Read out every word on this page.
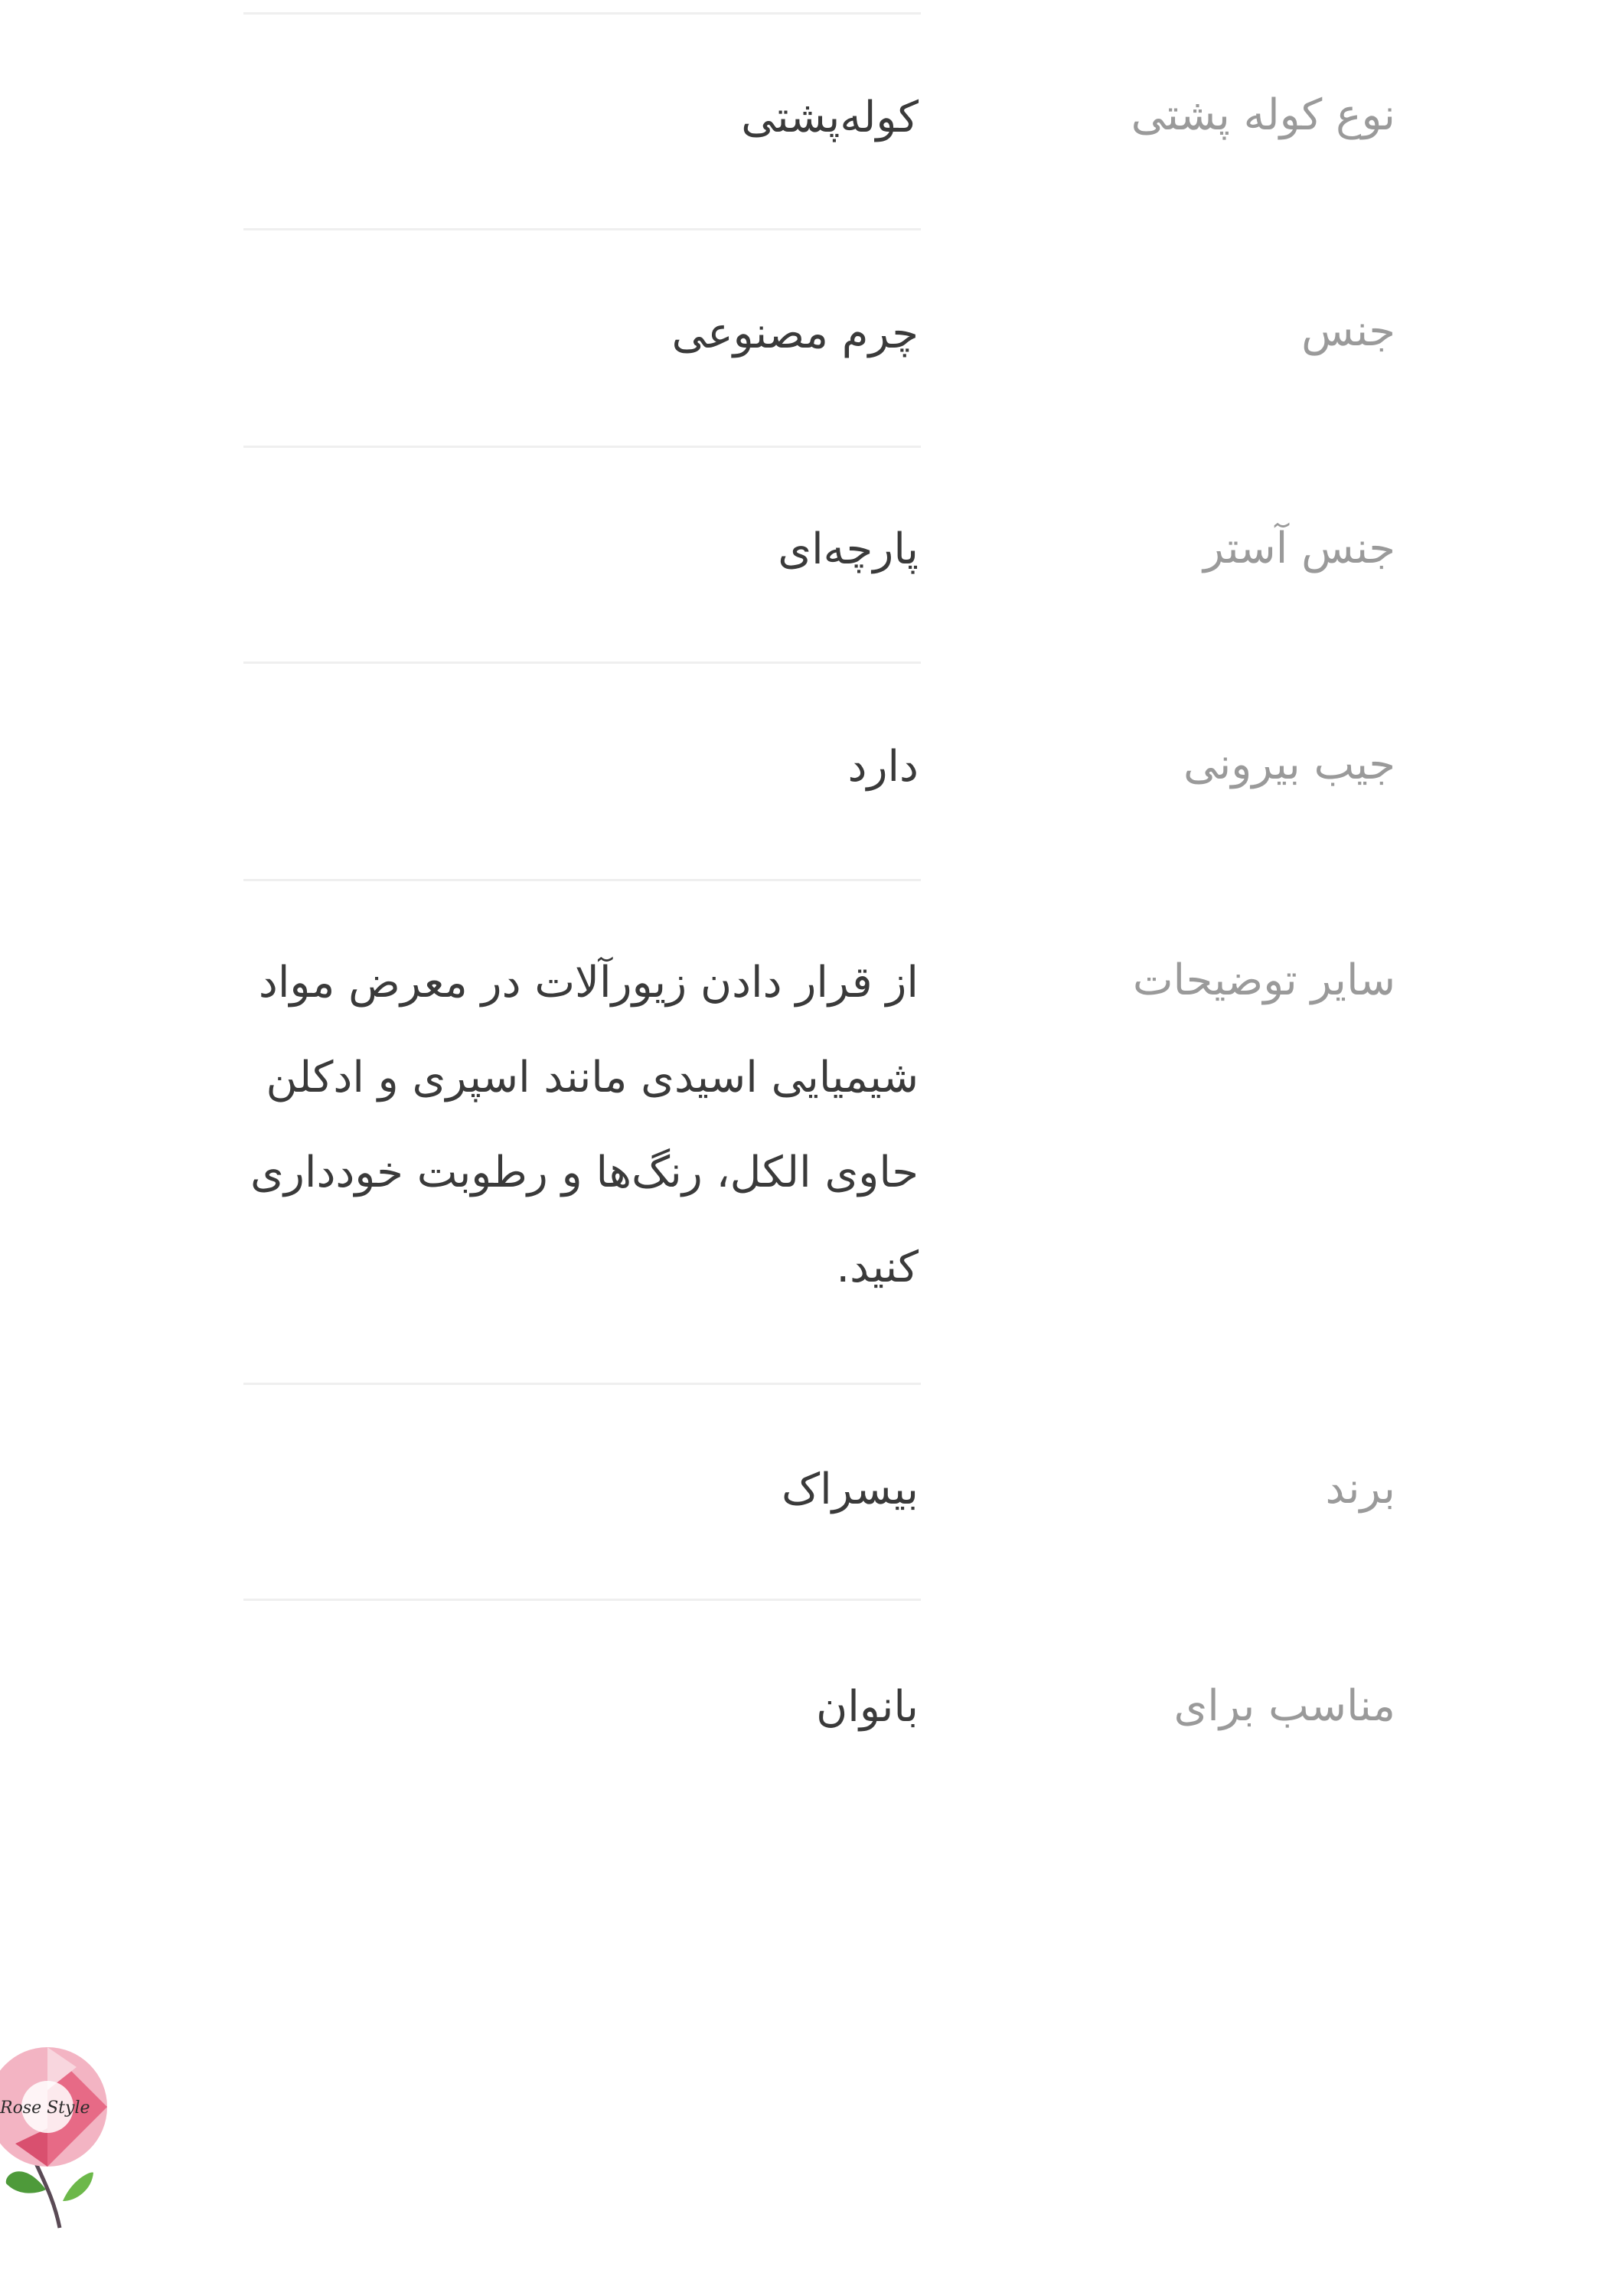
نوع کوله پشتی
کوله‌پشتی
جنس
چرم مصنوعی
جنس آستر
پارچه‌ای
جیب بیرونی
دارد
سایر توضیحات
از قرار دادن زیورآلات در معرض مواد شیمیایی اسیدی مانند اسپری و ادکلن حاوی الکل، رنگ‌ها و رطوبت خودداری کنید.
برند
بیسراک
مناسب برای
بانوان
Rose Style
